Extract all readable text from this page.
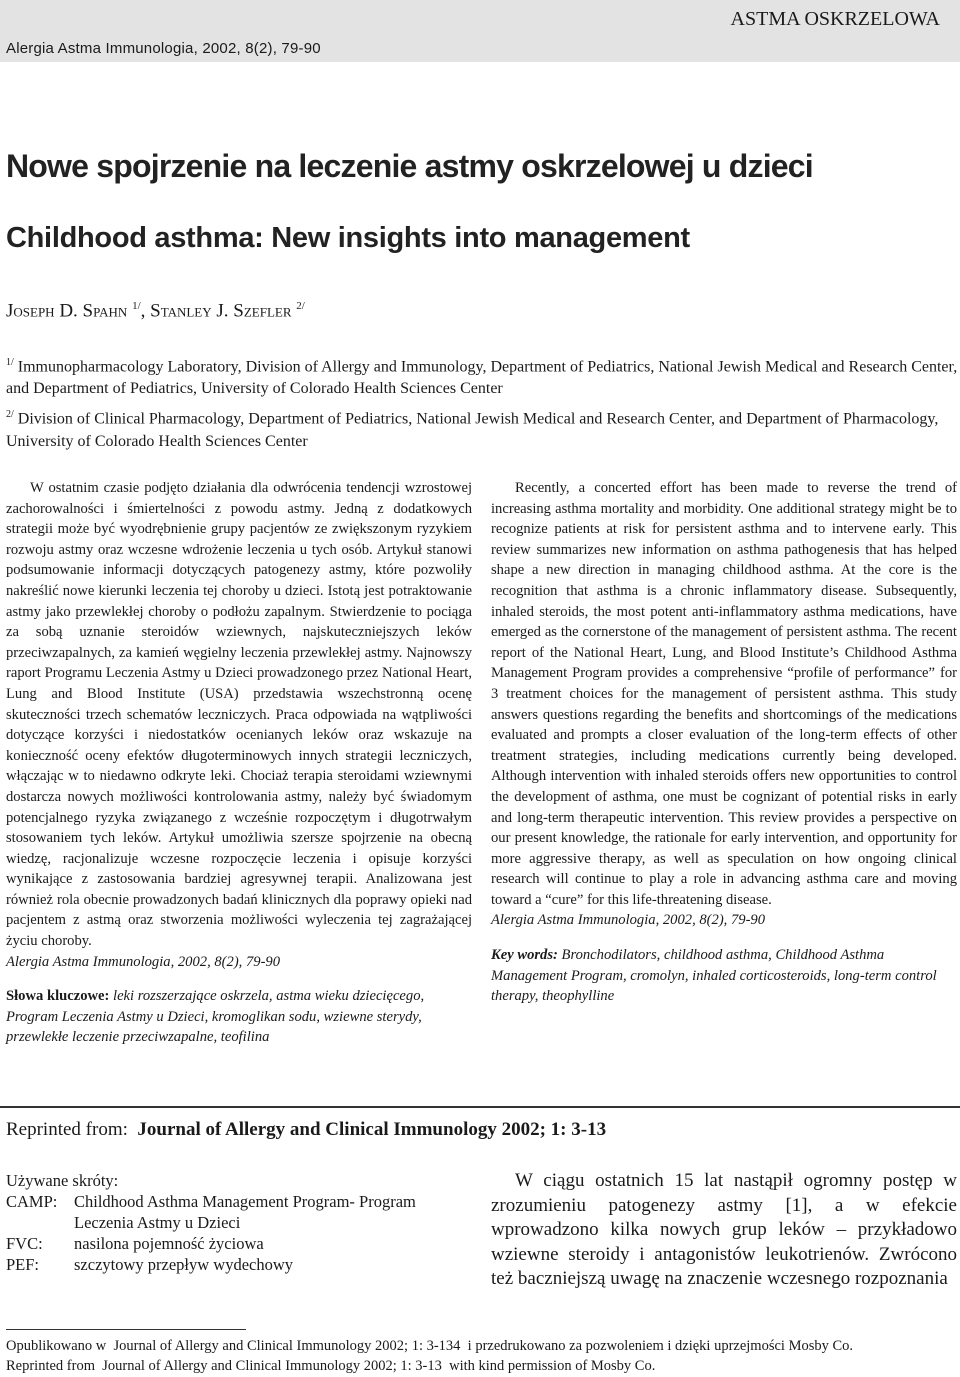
Alergia Astma Immunologia, 2002, 8(2), 79-90
ASTMA OSKRZELOWA
Nowe spojrzenie na leczenie astmy oskrzelowej u dzieci
Childhood asthma: New insights into management
Joseph D. Spahn $^{1/}$, Stanley J. Szefler $^{2/}$

$^{1/}$ Immunopharmacology Laboratory, Division of Allergy and Immunology, Department of Pediatrics, National Jewish Medical and Research Center, and Department of Pediatrics, University of Colorado Health Sciences Center

$^{2/}$ Division of Clinical Pharmacology, Department of Pediatrics, National Jewish Medical and Research Center, and Department of Pharmacology, University of Colorado Health Sciences Center

W ostatnim czasie podjęto działania dla odwrócenia tendencji wzrostowej zachorowalności i śmiertelności z powodu astmy. Jedną z dodatkowych strategii może być wyodrębnienie grupy pacjentów ze zwiększonym ryzykiem rozwoju astmy oraz wczesne wdrożenie leczenia u tych osób. Artykuł stanowi podsumowanie informacji dotyczących patogenezy astmy, które pozwoliły nakreślić nowe kierunki leczenia tej choroby u dzieci. Istotą jest potraktowanie astmy jako przewlekłej choroby o podłożu zapalnym. Stwierdzenie to pociąga za sobą uznanie steroidów wziewnych, najskuteczniejszych leków przeciwzapalnych, za kamień węgielny leczenia przewlekłej astmy. Najnowszy raport Programu Leczenia Astmy u Dzieci prowadzonego przez National Heart, Lung and Blood Institute (USA) przedstawia wszechstronną ocenę skuteczności trzech schematów leczniczych. Praca odpowiada na wątpliwości dotyczące korzyści i niedostatków ocenianych leków oraz wskazuje na konieczność oceny efektów długoterminowych innych strategii leczniczych, włączając w to niedawno odkryte leki. Chociaż terapia steroidami wziewnymi dostarcza nowych możliwości kontrolowania astmy, należy być świadomym potencjalnego ryzyka związanego z wcześnie rozpoczętym i długotrwałym stosowaniem tych leków. Artykuł umożliwia szersze spojrzenie na obecną wiedzę, racjonalizuje wczesne rozpoczęcie leczenia i opisuje korzyści wynikające z zastosowania bardziej agresywnej terapii. Analizowana jest również rola obecnie prowadzonych badań klinicznych dla poprawy opieki nad pacjentem z astmą oraz stworzenia możliwości wyleczenia tej zagrażającej życiu choroby.

Alergia Astma Immunologia, 2002, 8(2), 79-90

Słowa kluczowe: leki rozszerzające oskrzela, astma wieku dziecięcego, Program Leczenia Astmy u Dzieci, kromoglikan sodu, wziewne sterydy, przewlekłe leczenie przeciwzapalne, teofilina

Recently, a concerted effort has been made to reverse the trend of increasing asthma mortality and morbidity. One additional strategy might be to recognize patients at risk for persistent asthma and to intervene early. This review summarizes new information on asthma pathogenesis that has helped shape a new direction in managing childhood asthma. At the core is the recognition that asthma is a chronic inflammatory disease. Subsequently, inhaled steroids, the most potent anti-inflammatory asthma medications, have emerged as the cornerstone of the management of persistent asthma. The recent report of the National Heart, Lung, and Blood Institute’s Childhood Asthma Management Program provides a comprehensive “profile of performance” for 3 treatment choices for the management of persistent asthma. This study answers questions regarding the benefits and shortcomings of the medications evaluated and prompts a closer evaluation of the long-term effects of other treatment strategies, including medications currently being developed. Although intervention with inhaled steroids offers new opportunities to control the development of asthma, one must be cognizant of potential risks in early and long-term therapeutic intervention. This review provides a perspective on our present knowledge, the rationale for early intervention, and opportunity for more aggressive therapy, as well as speculation on how ongoing clinical research will continue to play a role in advancing asthma care and moving toward a “cure” for this life-threatening disease.

Alergia Astma Immunologia, 2002, 8(2), 79-90

Key words: Bronchodilators, childhood asthma, Childhood Asthma Management Program, cromolyn, inhaled corticosteroids, long-term control therapy, theophylline

Reprinted from:  Journal of Allergy and Clinical Immunology 2002; 1: 3-13
Używane skróty:
CAMP:	Childhood Asthma Management Program- Program
Leczenia Astmy u Dzieci
FVC:	nasilona pojemność życiowa
PEF:	szczytowy przepływ wydechowy

W ciągu ostatnich 15 lat nastąpił ogromny postęp w zrozumieniu patogenezy astmy [1], a w efekcie wprowadzono kilka nowych grup leków – przykładowo wziewne steroidy i antagonistów leukotrienów. Zwrócono też baczniejszą uwagę na znaczenie wczesnego rozpoznania

Opublikowano w  Journal of Allergy and Clinical Immunology 2002; 1: 3-134  i przedrukowano za pozwoleniem i dzięki uprzejmości Mosby Co.
Reprinted from  Journal of Allergy and Clinical Immunology 2002; 1: 3-13  with kind permission of Mosby Co.
